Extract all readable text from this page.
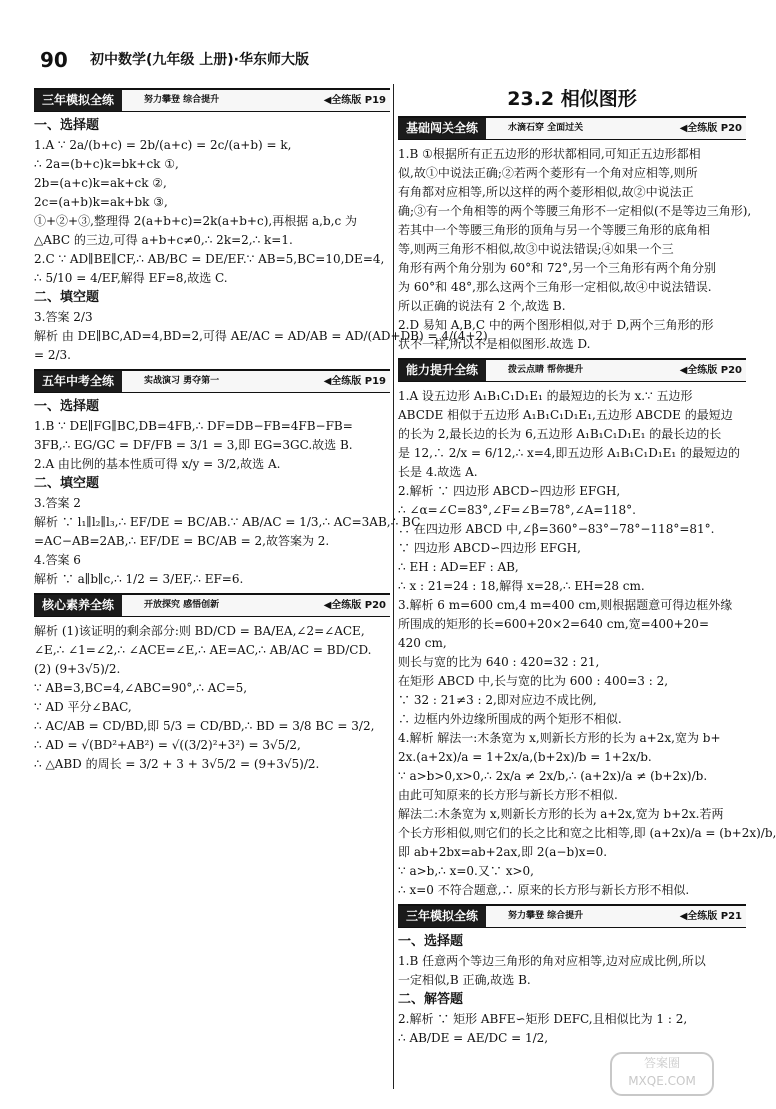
90 初中数学(九年级 上册)·华东师大版
三年模拟全练	努力攀登 综合提升	◀全练版 P19
一、选择题
1.A ∵ 2a/(b+c) = 2b/(a+c) = 2c/(a+b) = k,
∴ 2a=(b+c)k=bk+ck ①,
2b=(a+c)k=ak+ck ②,
2c=(a+b)k=ak+bk ③,
①+②+③,整理得 2(a+b+c)=2k(a+b+c),再根据 a,b,c 为
△ABC 的三边,可得 a+b+c≠0,∴ 2k=2,∴ k=1.
2.C ∵ AD∥BE∥CF,∴ AB/BC = DE/EF.∵ AB=5,BC=10,DE=4,
∴ 5/10 = 4/EF,解得 EF=8,故选 C.
二、填空题
3.答案 2/3
解析 由 DE∥BC,AD=4,BD=2,可得 AE/AC = AD/AB = AD/(AD+DB) = 4/(4+2)
= 2/3.
五年中考全练	实战演习 勇夺第一	◀全练版 P19
一、选择题
1.B ∵ DE∥FG∥BC,DB=4FB,∴ DF=DB−FB=4FB−FB=
3FB,∴ EG/GC = DF/FB = 3/1 = 3,即 EG=3GC.故选 B.
2.A 由比例的基本性质可得 x/y = 3/2,故选 A.
二、填空题
3.答案 2
解析 ∵ l₁∥l₂∥l₃,∴ EF/DE = BC/AB.∵ AB/AC = 1/3,∴ AC=3AB,∴ BC
=AC−AB=2AB,∴ EF/DE = BC/AB = 2,故答案为 2.
4.答案 6
解析 ∵ a∥b∥c,∴ 1/2 = 3/EF,∴ EF=6.
核心素养全练	开放探究 感悟创新	◀全练版 P20
解析 (1)该证明的剩余部分:则 BD/CD = BA/EA,∠2=∠ACE,
∠E,∴ ∠1=∠2,∴ ∠ACE=∠E,∴ AE=AC,∴ AB/AC = BD/CD.
(2) (9+3√5)/2.
∵ AB=3,BC=4,∠ABC=90°,∴ AC=5,
∵ AD 平分∠BAC,
∴ AC/AB = CD/BD,即 5/3 = CD/BD,∴ BD = 3/8 BC = 3/2,
∴ AD = √(BD²+AB²) = √((3/2)²+3²) = 3√5/2,
∴ △ABD 的周长 = 3/2 + 3 + 3√5/2 = (9+3√5)/2.
23.2 相似图形
基础闯关全练	水滴石穿 全面过关	◀全练版 P20
1.B ①根据所有正五边形的形状都相同,可知正五边形都相
似,故①中说法正确;②若两个菱形有一个角对应相等,则所
有角都对应相等,所以这样的两个菱形相似,故②中说法正
确;③有一个角相等的两个等腰三角形不一定相似(不是等边三角形),
若其中一个等腰三角形的顶角与另一个等腰三角形的底角相
等,则两三角形不相似,故③中说法错误;④如果一个三
角形有两个角分别为 60°和 72°,另一个三角形有两个角分别
为 60°和 48°,那么这两个三角形一定相似,故④中说法错误.
所以正确的说法有 2 个,故选 B.
2.D 易知 A,B,C 中的两个图形相似,对于 D,两个三角形的形
状不一样,所以不是相似图形.故选 D.
能力提升全练	拨云点睛 帮你提升	◀全练版 P20
1.A 设五边形 A₁B₁C₁D₁E₁ 的最短边的长为 x.∵ 五边形
ABCDE 相似于五边形 A₁B₁C₁D₁E₁,五边形 ABCDE 的最短边
的长为 2,最长边的长为 6,五边形 A₁B₁C₁D₁E₁ 的最长边的长
是 12,∴ 2/x = 6/12,∴ x=4,即五边形 A₁B₁C₁D₁E₁ 的最短边的
长是 4.故选 A.
2.解析 ∵ 四边形 ABCD∽四边形 EFGH,
∴ ∠α=∠C=83°,∠F=∠B=78°,∠A=118°.
∴ 在四边形 ABCD 中,∠β=360°−83°−78°−118°=81°.
∵ 四边形 ABCD∽四边形 EFGH,
∴ EH : AD=EF : AB,
∴ x : 21=24 : 18,解得 x=28,∴ EH=28 cm.
3.解析 6 m=600 cm,4 m=400 cm,则根据题意可得边框外缘
所围成的矩形的长=600+20×2=640 cm,宽=400+20=
420 cm,
则长与宽的比为 640 : 420=32 : 21,
在矩形 ABCD 中,长与宽的比为 600 : 400=3 : 2,
∵ 32 : 21≠3 : 2,即对应边不成比例,
∴ 边框内外边缘所围成的两个矩形不相似.
4.解析 解法一:木条宽为 x,则新长方形的长为 a+2x,宽为 b+
2x.(a+2x)/a = 1+2x/a,(b+2x)/b = 1+2x/b.
∵ a>b>0,x>0,∴ 2x/a ≠ 2x/b,∴ (a+2x)/a ≠ (b+2x)/b.
由此可知原来的长方形与新长方形不相似.
解法二:木条宽为 x,则新长方形的长为 a+2x,宽为 b+2x.若两
个长方形相似,则它们的长之比和宽之比相等,即 (a+2x)/a = (b+2x)/b,
即 ab+2bx=ab+2ax,即 2(a−b)x=0.
∵ a>b,∴ x=0.又∵ x>0,
∴ x=0 不符合题意,∴ 原来的长方形与新长方形不相似.
三年模拟全练	努力攀登 综合提升	◀全练版 P21
一、选择题
1.B 任意两个等边三角形的角对应相等,边对应成比例,所以
一定相似,B 正确,故选 B.
二、解答题
2.解析 ∵ 矩形 ABFE∽矩形 DEFC,且相似比为 1 : 2,
∴ AB/DE = AE/DC = 1/2,
答案圈
MXQE.COM
